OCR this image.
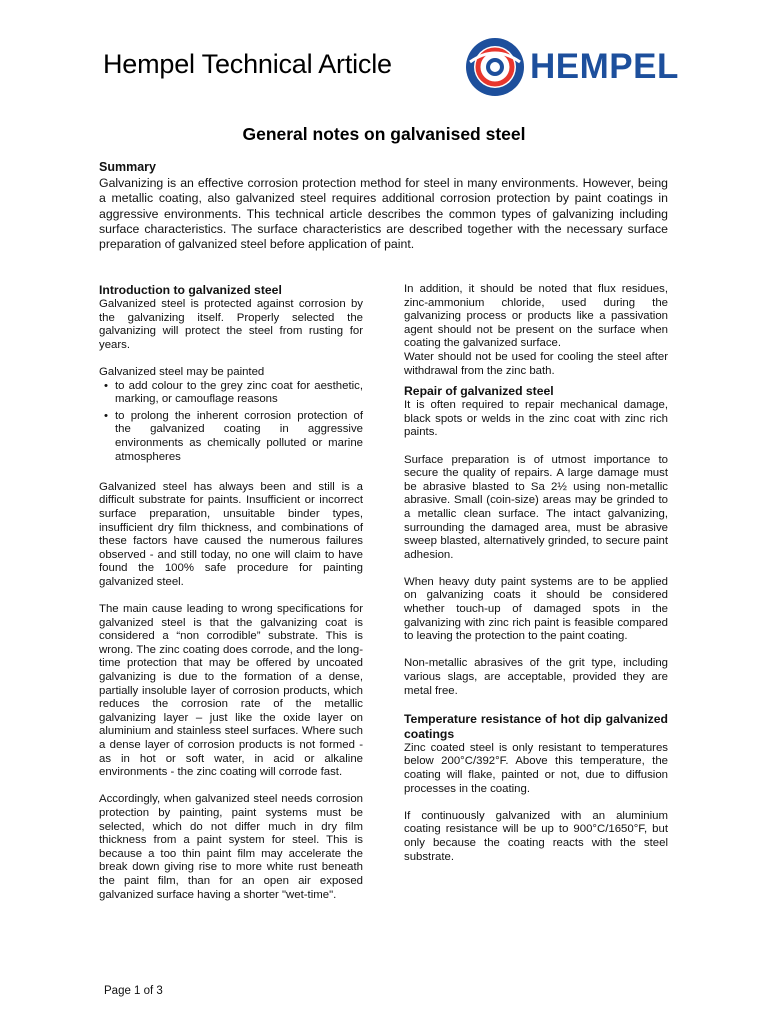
Hempel Technical Article	HEMPEL
General notes on galvanised steel
Summary
Galvanizing is an effective corrosion protection method for steel in many environments. However, being a metallic coating, also galvanized steel requires additional corrosion protection by paint coatings in aggressive environments. This technical article describes the common types of galvanizing including surface characteristics. The surface characteristics are described together with the necessary surface preparation of galvanized steel before application of paint.
Introduction to galvanized steel

Galvanized steel is protected against corrosion by the galvanizing itself. Properly selected the galvanizing will protect the steel from rusting for years.

Galvanized steel may be painted

• to add colour to the grey zinc coat for aesthetic, marking, or camouflage reasons
• to prolong the inherent corrosion protection of the galvanized coating in aggressive environments as chemically polluted or marine atmospheres

Galvanized steel has always been and still is a difficult substrate for paints. Insufficient or incorrect surface preparation, unsuitable binder types, insufficient dry film thickness, and combinations of these factors have caused the numerous failures observed - and still today, no one will claim to have found the 100% safe procedure for painting galvanized steel.

The main cause leading to wrong specifications for galvanized steel is that the galvanizing coat is considered a “non corrodible” substrate. This is wrong. The zinc coating does corrode, and the long-time protection that may be offered by uncoated galvanizing is due to the formation of a dense, partially insoluble layer of corrosion products, which reduces the corrosion rate of the metallic galvanizing layer – just like the oxide layer on aluminium and stainless steel surfaces. Where such a dense layer of corrosion products is not formed - as in hot or soft water, in acid or alkaline environments - the zinc coating will corrode fast.

Accordingly, when galvanized steel needs corrosion protection by painting, paint systems must be selected, which do not differ much in dry film thickness from a paint system for steel. This is because a too thin paint film may accelerate the break down giving rise to more white rust beneath the paint film, than for an open air exposed galvanized surface having a shorter "wet-time".

In addition, it should be noted that flux residues, zinc-ammonium chloride, used during the galvanizing process or products like a passivation agent should not be present on the surface when coating the galvanized surface.

Water should not be used for cooling the steel after withdrawal from the zinc bath.

Repair of galvanized steel

It is often required to repair mechanical damage, black spots or welds in the zinc coat with zinc rich paints.

Surface preparation is of utmost importance to secure the quality of repairs. A large damage must be abrasive blasted to Sa 2½ using non-metallic abrasive. Small (coin-size) areas may be grinded to a metallic clean surface. The intact galvanizing, surrounding the damaged area, must be abrasive sweep blasted, alternatively grinded, to secure paint adhesion.

When heavy duty paint systems are to be applied on galvanizing coats it should be considered whether touch-up of damaged spots in the galvanizing with zinc rich paint is feasible compared to leaving the protection to the paint coating.

Non-metallic abrasives of the grit type, including various slags, are acceptable, provided they are metal free.

Temperature resistance of hot dip galvanized coatings

Zinc coated steel is only resistant to temperatures below 200°C/392°F. Above this temperature, the coating will flake, painted or not, due to diffusion processes in the coating.

If continuously galvanized with an aluminium coating resistance will be up to 900°C/1650°F, but only because the coating reacts with the steel substrate.

Page 1 of 3
